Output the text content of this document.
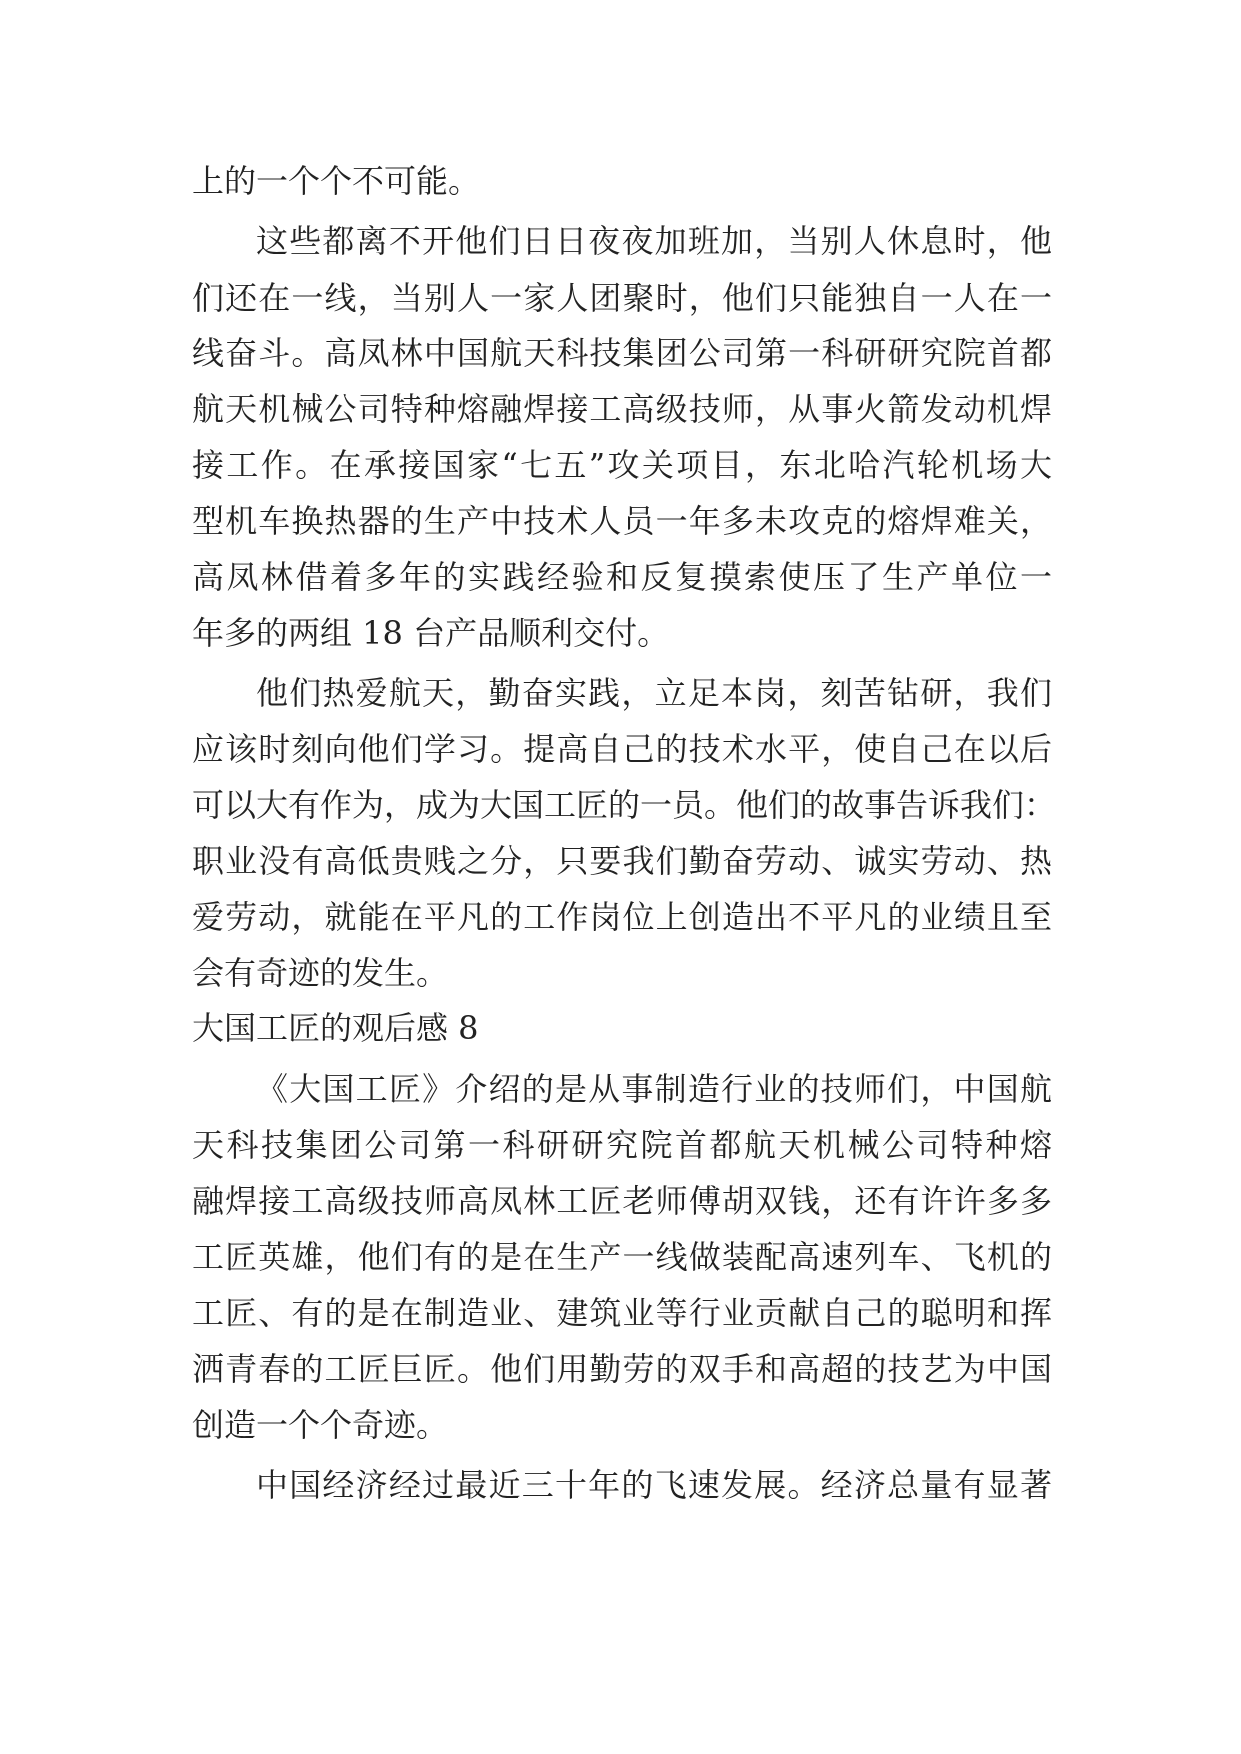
上的一个个不可能。
这些都离不开他们日日夜夜加班加，当别人休息时，他
们还在一线，当别人一家人团聚时，他们只能独自一人在一
线奋斗。高凤林中国航天科技集团公司第一科研研究院首都
航天机械公司特种熔融焊接工高级技师，从事火箭发动机焊
接工作。在承接国家“七五”攻关项目，东北哈汽轮机场大
型机车换热器的生产中技术人员一年多未攻克的熔焊难关，
高凤林借着多年的实践经验和反复摸索使压了生产单位一
年多的两组 18 台产品顺利交付。
他们热爱航天，勤奋实践，立足本岗，刻苦钻研，我们
应该时刻向他们学习。提高自己的技术水平，使自己在以后
可以大有作为，成为大国工匠的一员。他们的故事告诉我们：
职业没有高低贵贱之分，只要我们勤奋劳动、诚实劳动、热
爱劳动，就能在平凡的工作岗位上创造出不平凡的业绩且至
会有奇迹的发生。
大国工匠的观后感 8
《大国工匠》介绍的是从事制造行业的技师们，中国航
天科技集团公司第一科研研究院首都航天机械公司特种熔
融焊接工高级技师高凤林工匠老师傅胡双钱，还有许许多多
工匠英雄，他们有的是在生产一线做装配高速列车、飞机的
工匠、有的是在制造业、建筑业等行业贡献自己的聪明和挥
洒青春的工匠巨匠。他们用勤劳的双手和高超的技艺为中国
创造一个个奇迹。
中国经济经过最近三十年的飞速发展。经济总量有显著
